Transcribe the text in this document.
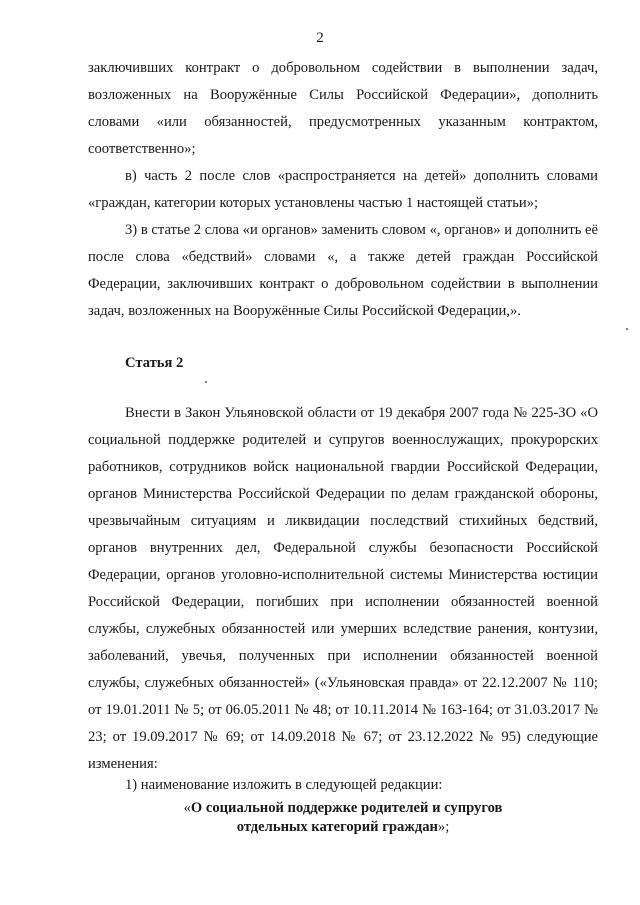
2

заключивших контракт о добровольном содействии в выполнении задач, возложенных на Вооружённые Силы Российской Федерации», дополнить словами «или обязанностей, предусмотренных указанным контрактом, соответственно»;

в) часть 2 после слов «распространяется на детей» дополнить словами «граждан, категории которых установлены частью 1 настоящей статьи»;

3) в статье 2 слова «и органов» заменить словом «, органов» и дополнить её после слова «бедствий» словами «, а также детей граждан Российской Федерации, заключивших контракт о добровольном содействии в выполнении задач, возложенных на Вооружённые Силы Российской Федерации,».

Статья 2

Внести в Закон Ульяновской области от 19 декабря 2007 года № 225-ЗО «О социальной поддержке родителей и супругов военнослужащих, прокурорских работников, сотрудников войск национальной гвардии Российской Федерации, органов Министерства Российской Федерации по делам гражданской обороны, чрезвычайным ситуациям и ликвидации последствий стихийных бедствий, органов внутренних дел, Федеральной службы безопасности Российской Федерации, органов уголовно-исполнительной системы Министерства юстиции Российской Федерации, погибших при исполнении обязанностей военной службы, служебных обязанностей или умерших вследствие ранения, контузии, заболеваний, увечья, полученных при исполнении обязанностей военной службы, служебных обязанностей» («Ульяновская правда» от 22.12.2007 № 110; от 19.01.2011 № 5; от 06.05.2011 № 48; от 10.11.2014 № 163-164; от 31.03.2017 № 23; от 19.09.2017 № 69; от 14.09.2018 № 67; от 23.12.2022 № 95) следующие изменения:

1) наименование изложить в следующей редакции:

«О социальной поддержке родителей и супругов
отдельных категорий граждан»;
